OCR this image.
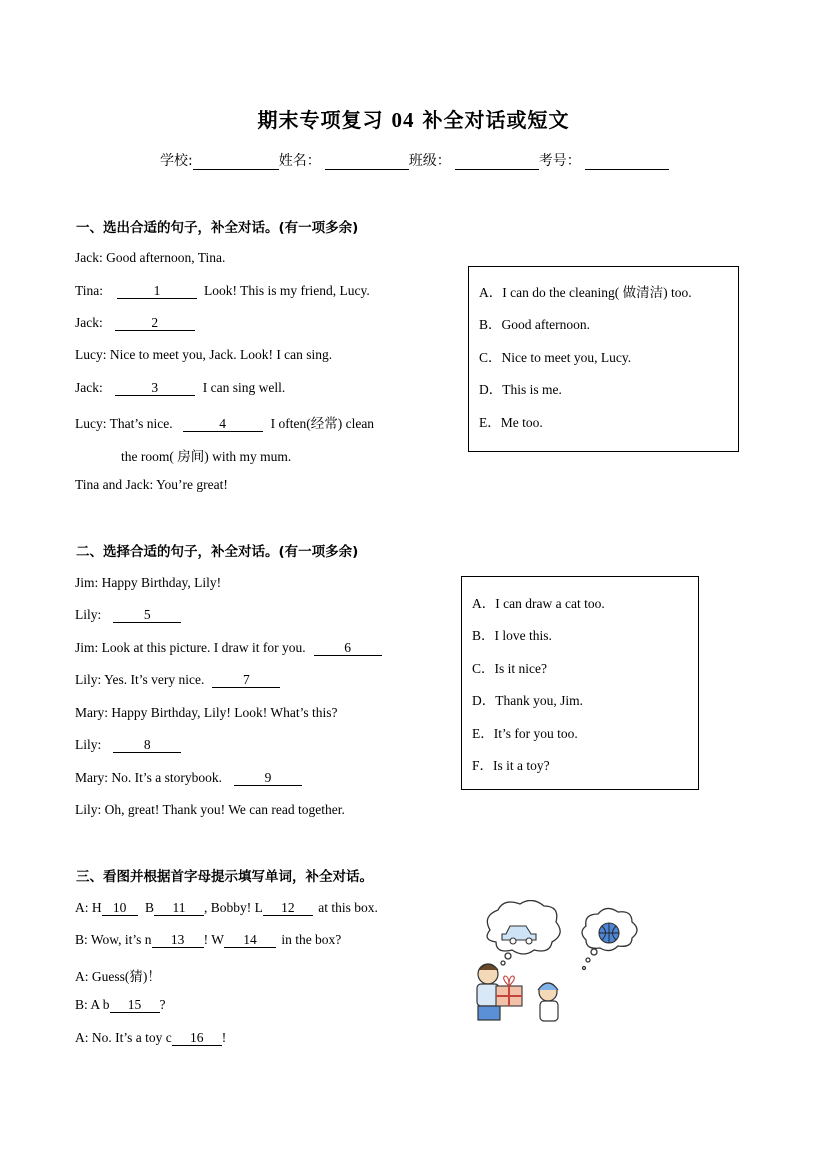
期末专项复习 04 补全对话或短文
学校:	姓名：	班级：	考号：
一、选出合适的句子，补全对话。(有一项多余)
Jack: Good afternoon, Tina.
Tina:	1	Look! This is my friend, Lucy.
Jack:	2
Lucy: Nice to meet you, Jack. Look! I can sing.
Jack:	3	I can sing well.
Lucy: That’s nice.	4	I often(经常) clean
the room( 房间) with my mum.
Tina and Jack: You’re great!
A．I can do the cleaning( 做清洁) too.
B．Good afternoon.
C．Nice to meet you, Lucy.
D．This is me.
E．Me too.
二、选择合适的句子，补全对话。(有一项多余)
Jim: Happy Birthday, Lily!
Lily:	5
Jim: Look at this picture. I draw it for you.	6
Lily: Yes. It’s very nice.	7
Mary: Happy Birthday, Lily! Look! What’s this?
Lily:	8
Mary: No. It’s a storybook.	9
Lily: Oh, great! Thank you! We can read together.
A．I can draw a cat too.
B．I love this.
C．Is it nice?
D．Thank you, Jim.
E．It’s for you too.
F．Is it a toy?
三、看图并根据首字母提示填写单词，补全对话。
A: H 10 B 11 , Bobby! L 12 at this box.
B: Wow, it’s n 13 ! W 14 in the box?
A: Guess(猜)！
B: A b 15 ?
A: No. It’s a toy c 16 !
